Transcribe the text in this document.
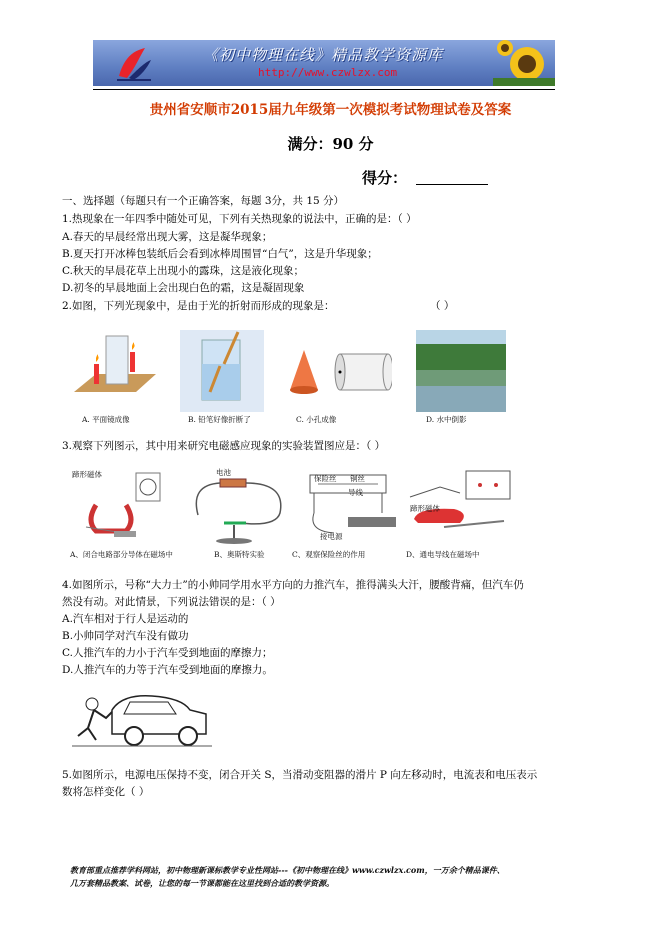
《初中物理在线》精品教学资源库
http://www.czwlzx.com
贵州省安顺市2015届九年级第一次模拟考试物理试卷及答案
满分：90 分
得分：
一、选择题（每题只有一个正确答案，每题 3分，共 15 分）
1.热现象在一年四季中随处可见，下列有关热现象的说法中，正确的是：（ ）
A.春天的早晨经常出现大雾，这是凝华现象；
B.夏天打开冰棒包装纸后会看到冰棒周围冒“白气”，这是升华现象；
C.秋天的早晨花草上出现小的露珠，这是液化现象；
D.初冬的早晨地面上会出现白色的霜，这是凝固现象
2.如图，下列光现象中，是由于光的折射而形成的现象是：	（ ）
A. 平面镜成像	B. 铅笔好像折断了	C. 小孔成像	D. 水中倒影
3.观察下列图示，其中用来研究电磁感应现象的实验装置图应是：（ ）
蹄形磁体	电池
保险丝 铜丝
导线
接电源
蹄形磁体
A、闭合电路部分导体在磁场中	B、奥斯特实验	C、观察保险丝的作用	D、通电导线在磁场中
4.如图所示，号称“大力士”的小帅同学用水平方向的力推汽车，推得满头大汗，腰酸背痛，但汽车仍
然没有动。对此情景，下列说法错误的是：（ ）
A.汽车相对于行人是运动的
B.小帅同学对汽车没有做功
C.人推汽车的力小于汽车受到地面的摩擦力；
D.人推汽车的力等于汽车受到地面的摩擦力。
5.如图所示，电源电压保持不变，闭合开关 S，当滑动变阻器的滑片 P 向左移动时，电流表和电压表示
数将怎样变化（ ）
教育部重点推荐学科网站，初中物理新课标教学专业性网站---《初中物理在线》www.czwlzx.com，一万余个精品课件、
几万套精品教案、试卷，让您的每一节课都能在这里找到合适的教学资源。
